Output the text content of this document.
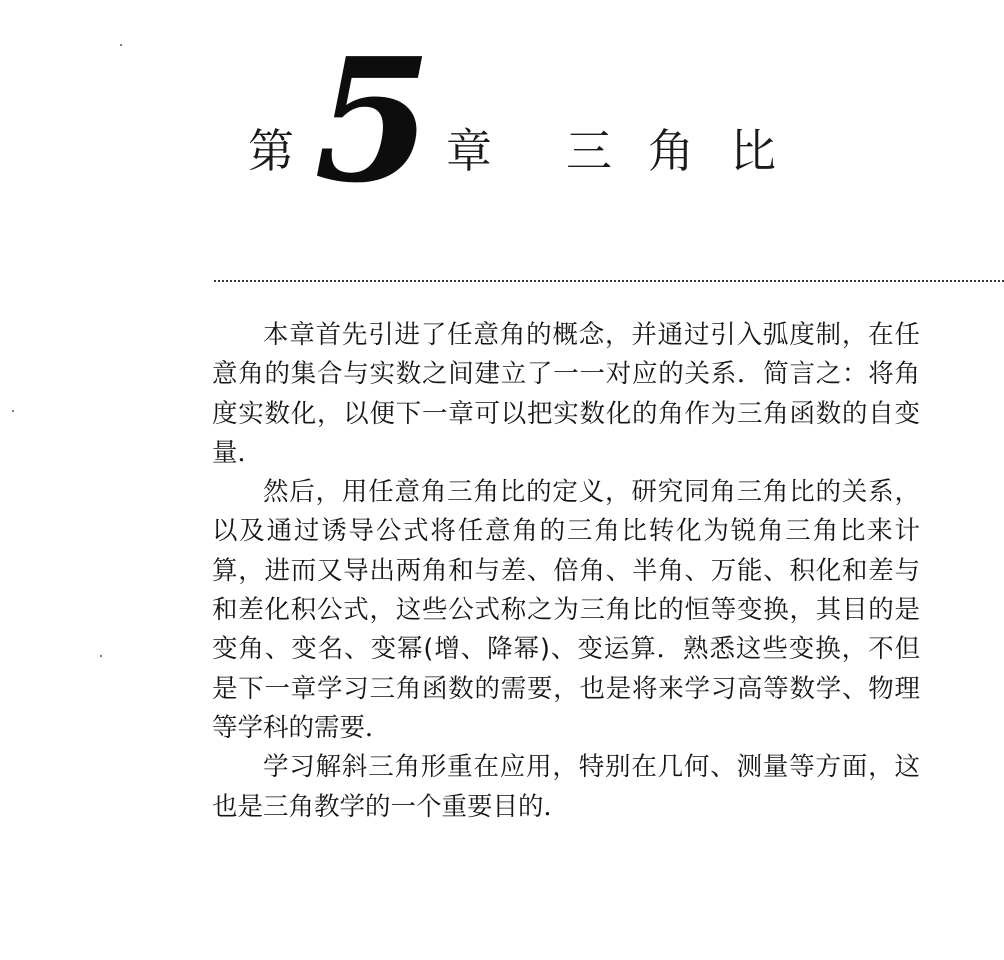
第 5 章 三角比

本章首先引进了任意角的概念，并通过引入弧度制，在任意角的集合与实数之间建立了一一对应的关系．简言之：将角度实数化，以便下一章可以把实数化的角作为三角函数的自变量．

然后，用任意角三角比的定义，研究同角三角比的关系，以及通过诱导公式将任意角的三角比转化为锐角三角比来计算，进而又导出两角和与差、倍角、半角、万能、积化和差与和差化积公式，这些公式称之为三角比的恒等变换，其目的是变角、变名、变幂(增、降幂)、变运算．熟悉这些变换，不但是下一章学习三角函数的需要，也是将来学习高等数学、物理等学科的需要．

学习解斜三角形重在应用，特别在几何、测量等方面，这也是三角教学的一个重要目的．
